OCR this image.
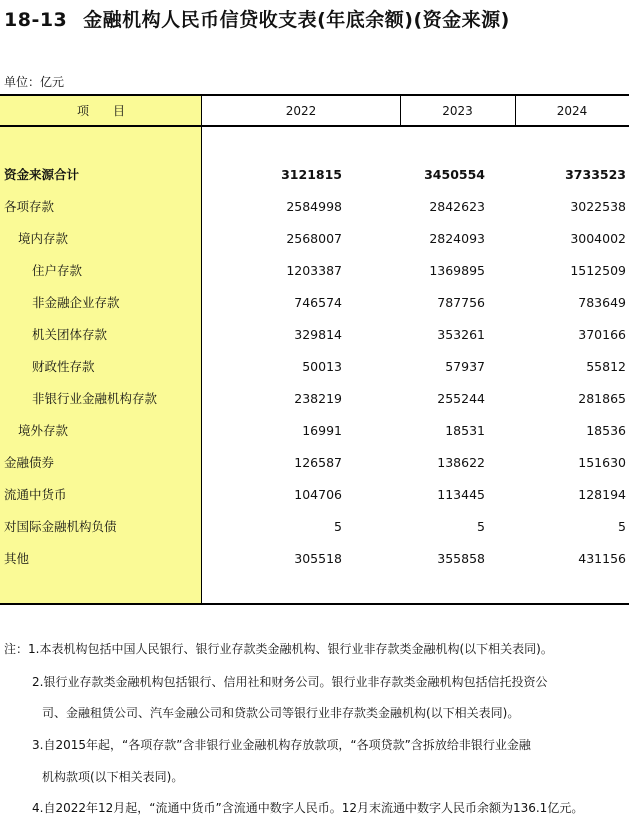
18-13 金融机构人民币信贷收支表(年底余额)(资金来源)
单位：亿元
项　　目	2022	2023	2024
资金来源合计	3121815	3450554	3733523
各项存款	2584998	2842623	3022538
境内存款	2568007	2824093	3004002
住户存款	1203387	1369895	1512509
非金融企业存款	746574	787756	783649
机关团体存款	329814	353261	370166
财政性存款	50013	57937	55812
非银行业金融机构存款	238219	255244	281865
境外存款	16991	18531	18536
金融债券	126587	138622	151630
流通中货币	104706	113445	128194
对国际金融机构负债	5	5	5
其他	305518	355858	431156
注：1.本表机构包括中国人民银行、银行业存款类金融机构、银行业非存款类金融机构(以下相关表同)。
2.银行业存款类金融机构包括银行、信用社和财务公司。银行业非存款类金融机构包括信托投资公
司、金融租赁公司、汽车金融公司和贷款公司等银行业非存款类金融机构(以下相关表同)。
3.自2015年起，“各项存款”含非银行业金融机构存放款项，“各项贷款”含拆放给非银行业金融
机构款项(以下相关表同)。
4.自2022年12月起，“流通中货币”含流通中数字人民币。12月末流通中数字人民币余额为136.1亿元。
